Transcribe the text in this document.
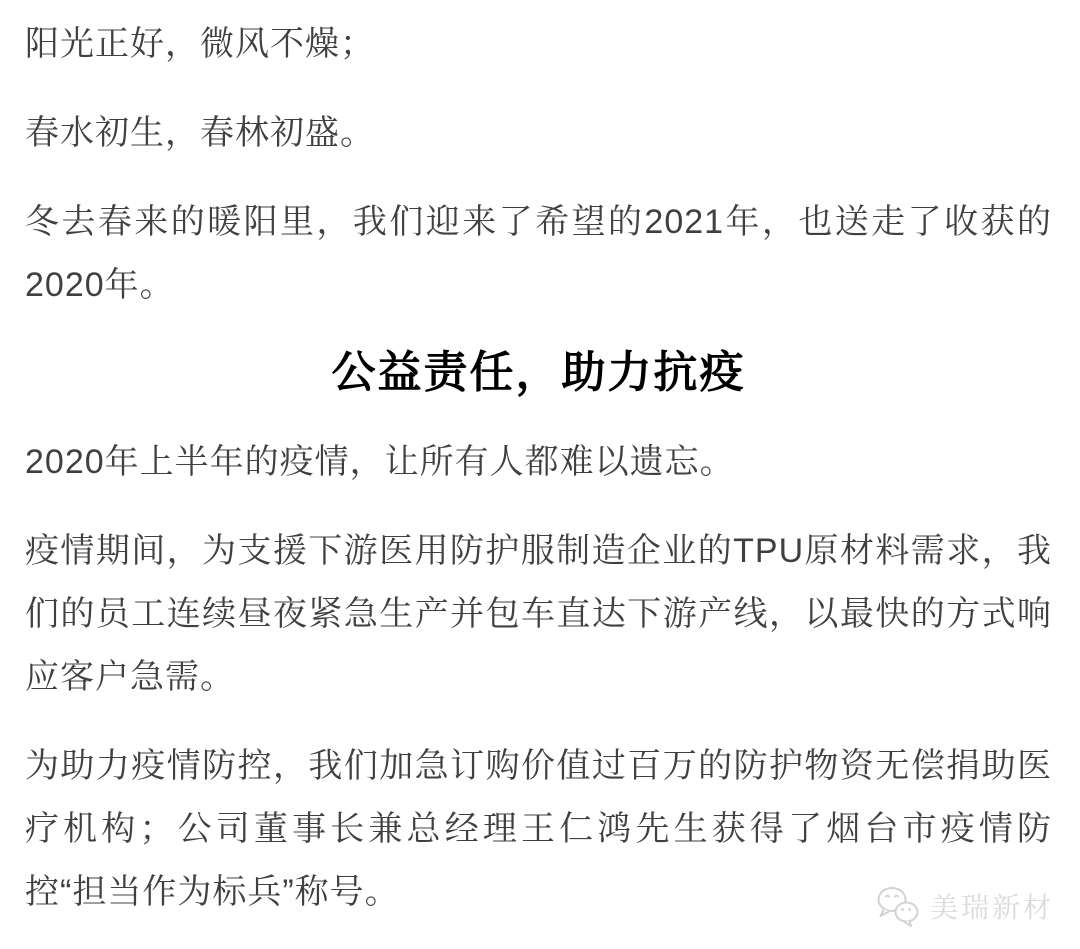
阳光正好，微风不燥；

春水初生，春林初盛。

冬去春来的暖阳里，我们迎来了希望的2021年，也送走了收获的2020年。

公益责任，助力抗疫

2020年上半年的疫情，让所有人都难以遗忘。

疫情期间，为支援下游医用防护服制造企业的TPU原材料需求，我们的员工连续昼夜紧急生产并包车直达下游产线，以最快的方式响应客户急需。

为助力疫情防控，我们加急订购价值过百万的防护物资无偿捐助医疗机构；公司董事长兼总经理王仁鸿先生获得了烟台市疫情防控“担当作为标兵”称号。	美瑞新材
